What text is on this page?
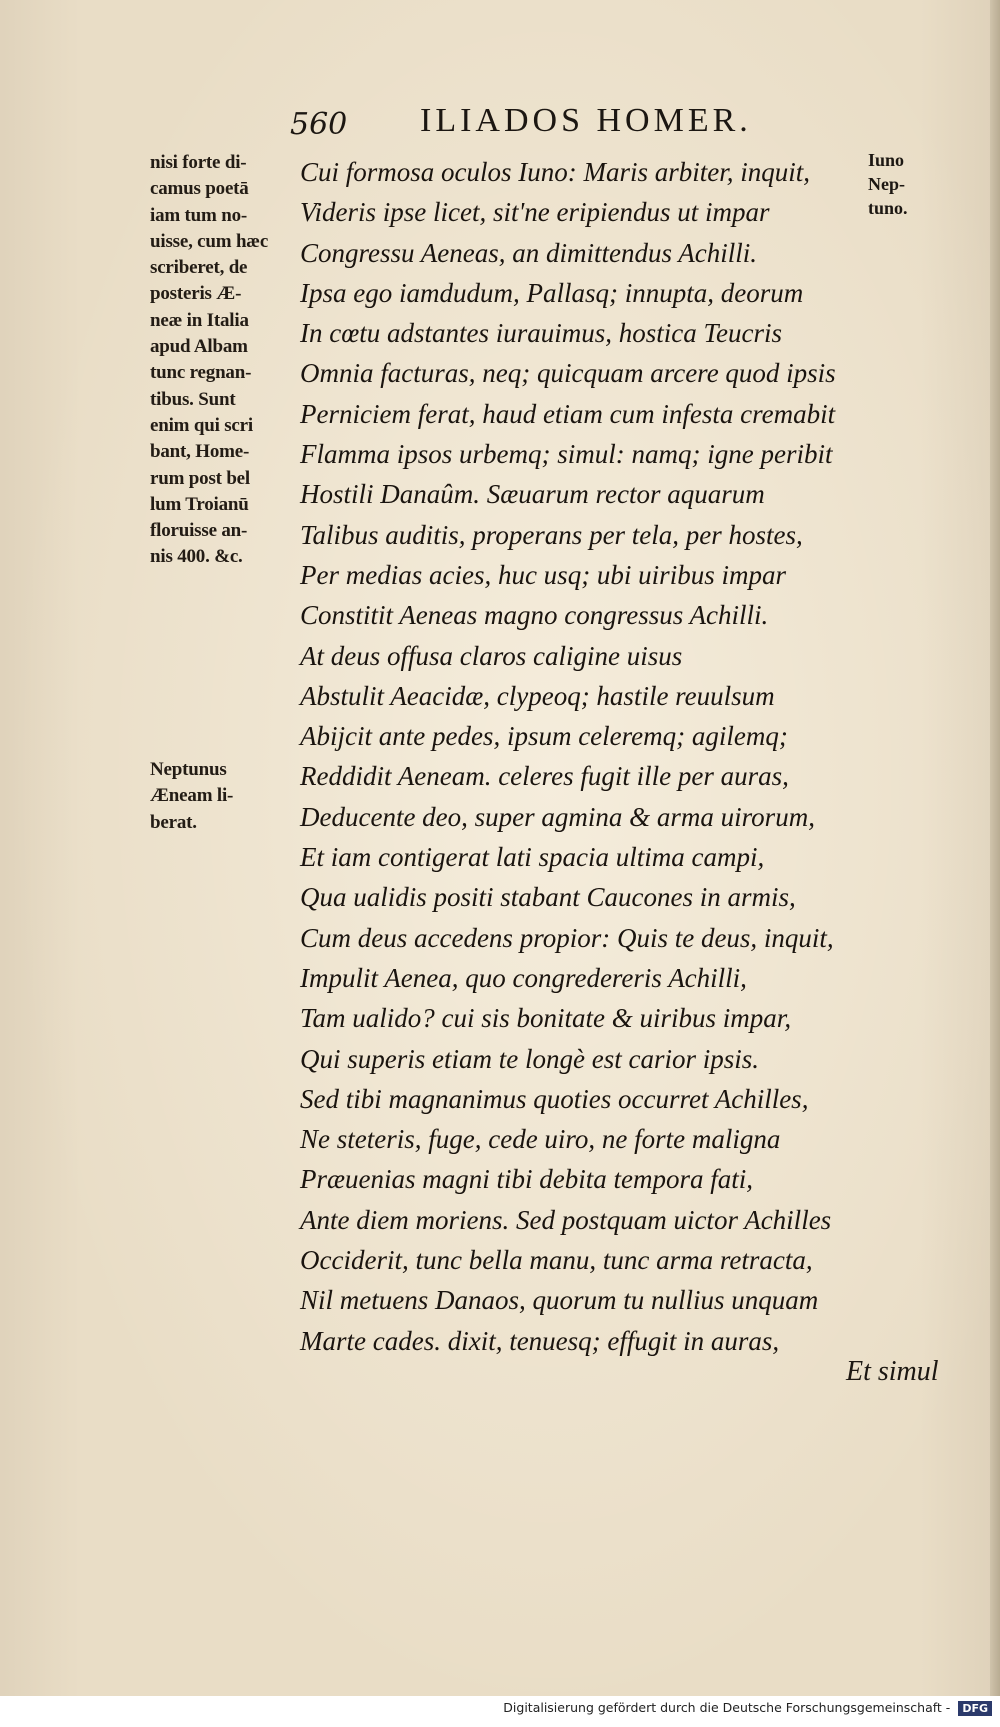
560 ILIADOS HOMER.
nisi forte di-
camus poetā
iam tum no-
uisse, cum hæc
scriberet, de
posteris Æ-
neæ in Italia
apud Albam
tunc regnan-
tibus. Sunt
enim qui scri
bant, Home-
rum post bel
lum Troianū
floruisse an-
nis 400. &c.
Neptunus
Æneam li-
berat.
Iuno
Nep-
tuno.
Cui formosa oculos Iuno: Maris arbiter, inquit,
Videris ipse licet, sit'ne eripiendus ut impar
Congressu Aeneas, an dimittendus Achilli.
Ipsa ego iamdudum, Pallasq; innupta, deorum
In cœtu adstantes iurauimus, hostica Teucris
Omnia facturas, neq; quicquam arcere quod ipsis
Perniciem ferat, haud etiam cum infesta cremabit
Flamma ipsos urbemq; simul: namq; igne peribit
Hostili Danaûm. Sæuarum rector aquarum
Talibus auditis, properans per tela, per hostes,
Per medias acies, huc usq; ubi uiribus impar
Constitit Aeneas magno congressus Achilli.
At deus offusa claros caligine uisus
Abstulit Aeacidæ, clypeoq; hastile reuulsum
Abijcit ante pedes, ipsum celeremq; agilemq;
Reddidit Aeneam. celeres fugit ille per auras,
Deducente deo, super agmina & arma uirorum,
Et iam contigerat lati spacia ultima campi,
Qua ualidis positi stabant Caucones in armis,
Cum deus accedens propior: Quis te deus, inquit,
Impulit Aenea, quo congredereris Achilli,
Tam ualido? cui sis bonitate & uiribus impar,
Qui superis etiam te longè est carior ipsis.
Sed tibi magnanimus quoties occurret Achilles,
Ne steteris, fuge, cede uiro, ne forte maligna
Præuenias magni tibi debita tempora fati,
Ante diem moriens. Sed postquam uictor Achilles
Occiderit, tunc bella manu, tunc arma retracta,
Nil metuens Danaos, quorum tu nullius unquam
Marte cades. dixit, tenuesq; effugit in auras,
Et simul
Digitalisierung gefördert durch die Deutsche Forschungsgemeinschaft - DFG
